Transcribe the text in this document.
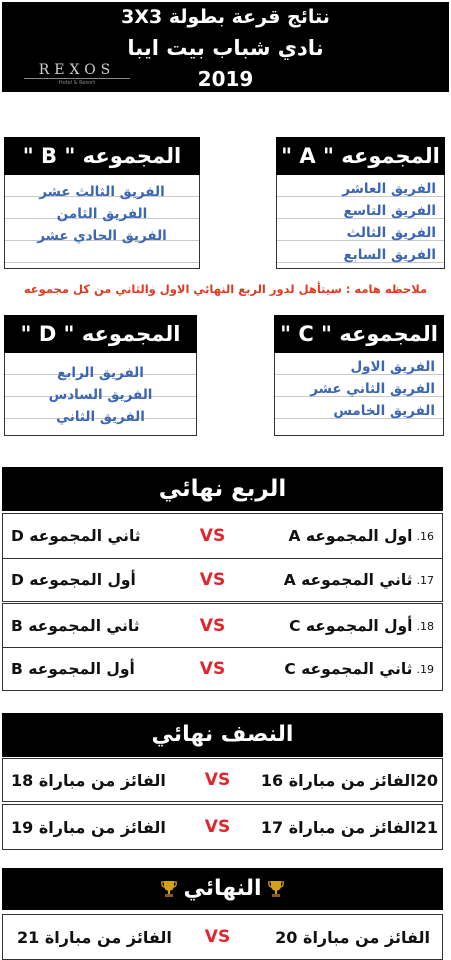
نتائج قرعة بطولة 3X3
نادي شباب بيت ايبا
2019
REXOS
Hotel & Resort
المجموعه " A "
الفريق العاشر
الفريق التاسع
الفريق الثالث
الفريق السابع
المجموعه " B "
الفريق الثالث عشر
الفريق الثامن
الفريق الحادي عشر
ملاحظه هامه : سيتأهل لدور الربع النهائي الاول والثاني من كل مجموعه
المجموعه " C "
الفريق الاول
الفريق الثاني عشر
الفريق الخامس
المجموعه " D "
الفريق الرابع
الفريق السادس
الفريق الثاني
الربع نهائي
16.
اول المجموعه A
VS
ثاني المجموعه D
17.
ثاني المجموعه A
VS
أول المجموعه D
18.
أول المجموعه C
VS
ثاني المجموعه B
19.
ثاني المجموعه C
VS
أول المجموعه B
النصف نهائي
20
الفائز من مباراة 16
VS
الفائز من مباراة 18
21
الفائز من مباراة 17
VS
الفائز من مباراة 19
النهائي
الفائز من مباراة 20
VS
الفائز من مباراة 21
